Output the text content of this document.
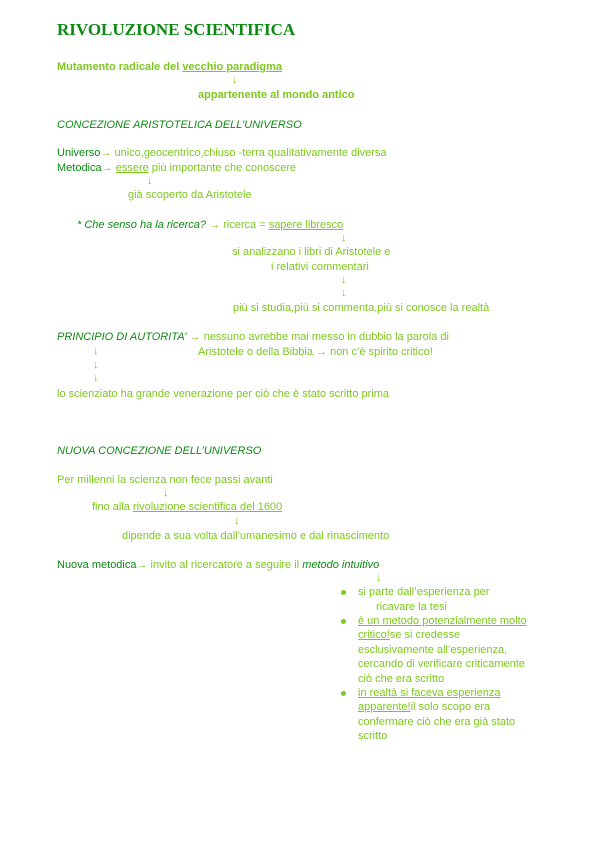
RIVOLUZIONE SCIENTIFICA
Mutamento radicale del vecchio paradigma
↓
appartenente al mondo antico
CONCEZIONE ARISTOTELICA DELL’UNIVERSO
Universo→ unico,geocentrico,chiuso -terra qualitativamente diversa
Metodica→ essere più importante che conoscere
↓
già scoperto da Aristotele
* Che senso ha la ricerca? → ricerca = sapere libresco
↓
si analizzano i libri di Aristotele e
i relativi commentari
↓
↓
più si studia,più si commenta,più si conosce la realtà
PRINCIPIO DI AUTORITA’ → nessuno avrebbe mai messo in dubbio la parola di
↓	Aristotele o della Bibbia → non c’è spirito critico!
↓
↓
lo scienziato ha grande venerazione per ciò che è stato scritto prima
NUOVA CONCEZIONE DELL’UNIVERSO
Per millenni la scienza non fece passi avanti
↓
fino alla rivoluzione scientifica del 1600
↓
dipende a sua volta dall’umanesimo e dal rinascimento
Nuova metodica→ invito al ricercatore a seguire il metodo intuitivo
↓
si parte dall’esperienza per
ricavare la tesi
è un metodo potenzialmente molto critico!se si credesse esclusivamente all’esperienza, cercando di verificare criticamente ciò che era scritto
in realtà si faceva esperienza apparente!il solo scopo era confermare ciò che era già stato scritto
